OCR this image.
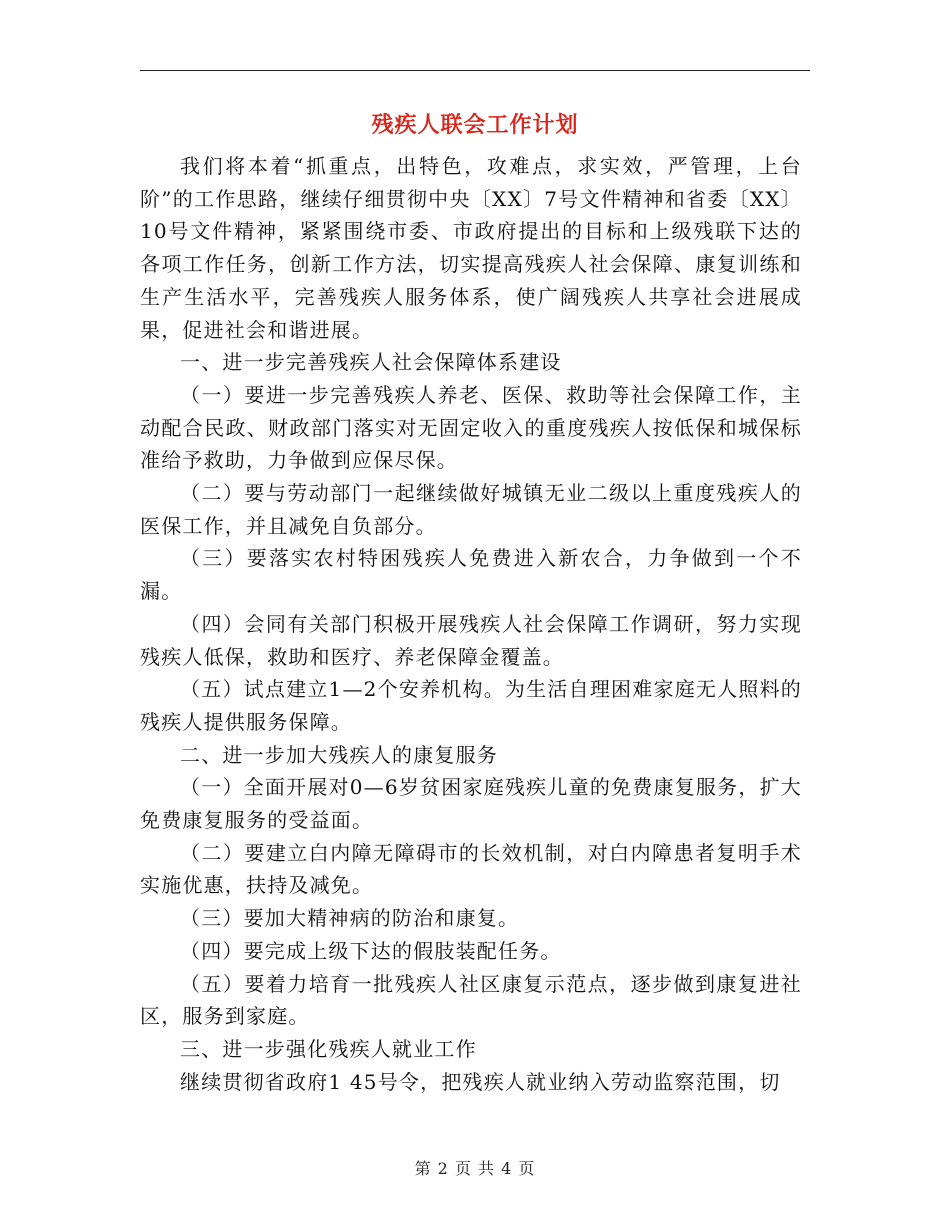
残疾人联会工作计划

我们将本着“抓重点，出特色，攻难点，求实效，严管理，上台阶”的工作思路，继续仔细贯彻中央〔XX〕7号文件精神和省委〔XX〕10号文件精神，紧紧围绕市委、市政府提出的目标和上级残联下达的各项工作任务，创新工作方法，切实提高残疾人社会保障、康复训练和生产生活水平，完善残疾人服务体系，使广阔残疾人共享社会进展成果，促进社会和谐进展。

一、进一步完善残疾人社会保障体系建设

（一）要进一步完善残疾人养老、医保、救助等社会保障工作，主动配合民政、财政部门落实对无固定收入的重度残疾人按低保和城保标准给予救助，力争做到应保尽保。

（二）要与劳动部门一起继续做好城镇无业二级以上重度残疾人的医保工作，并且减免自负部分。

（三）要落实农村特困残疾人免费进入新农合，力争做到一个不漏。

（四）会同有关部门积极开展残疾人社会保障工作调研，努力实现残疾人低保，救助和医疗、养老保障金覆盖。

（五）试点建立1—2个安养机构。为生活自理困难家庭无人照料的残疾人提供服务保障。

二、进一步加大残疾人的康复服务

（一）全面开展对0—6岁贫困家庭残疾儿童的免费康复服务，扩大免费康复服务的受益面。

（二）要建立白内障无障碍市的长效机制，对白内障患者复明手术实施优惠，扶持及减免。

（三）要加大精神病的防治和康复。

（四）要完成上级下达的假肢装配任务。

（五）要着力培育一批残疾人社区康复示范点，逐步做到康复进社区，服务到家庭。

三、进一步强化残疾人就业工作

继续贯彻省政府1 45号令，把残疾人就业纳入劳动监察范围，切

第 2 页 共 4 页
